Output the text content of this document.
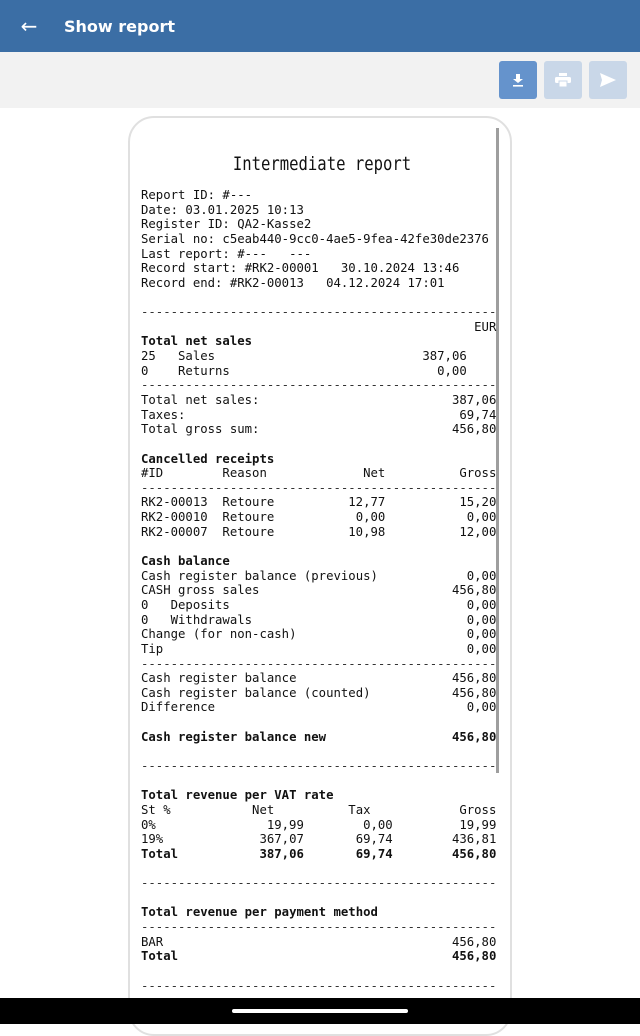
← Show report
Intermediate report
Report ID: #---
Date: 03.01.2025 10:13
Register ID: QA2-Kasse2
Serial no: c5eab440-9cc0-4ae5-9fea-42fe30de2376
Last report: #---   ---
Record start: #RK2-00001   30.10.2024 13:46
Record end: #RK2-00013   04.12.2024 17:01
------------------------------------------------
EUR
Total net sales
25   Sales	387,06
0    Returns	0,00
------------------------------------------------
Total net sales:	387,06
Taxes:	69,74
Total gross sum:	456,80
Cancelled receipts
#ID	Reason	Net	Gross
------------------------------------------------
RK2-00013 Retoure	12,77	15,20
RK2-00010 Retoure	0,00	0,00
RK2-00007 Retoure	10,98	12,00
Cash balance
Cash register balance (previous)	0,00
CASH gross sales	456,80
0   Deposits	0,00
0   Withdrawals	0,00
Change (for non-cash)	0,00
Tip	0,00
------------------------------------------------
Cash register balance	456,80
Cash register balance (counted)	456,80
Difference	0,00
Cash register balance new	456,80
------------------------------------------------
Total revenue per VAT rate
St %	Net	Tax	Gross
0%	19,99	0,00	19,99
19%	367,07	69,74	436,81
Total	387,06	69,74	456,80
------------------------------------------------
Total revenue per payment method
------------------------------------------------
BAR	456,80
Total	456,80
------------------------------------------------
